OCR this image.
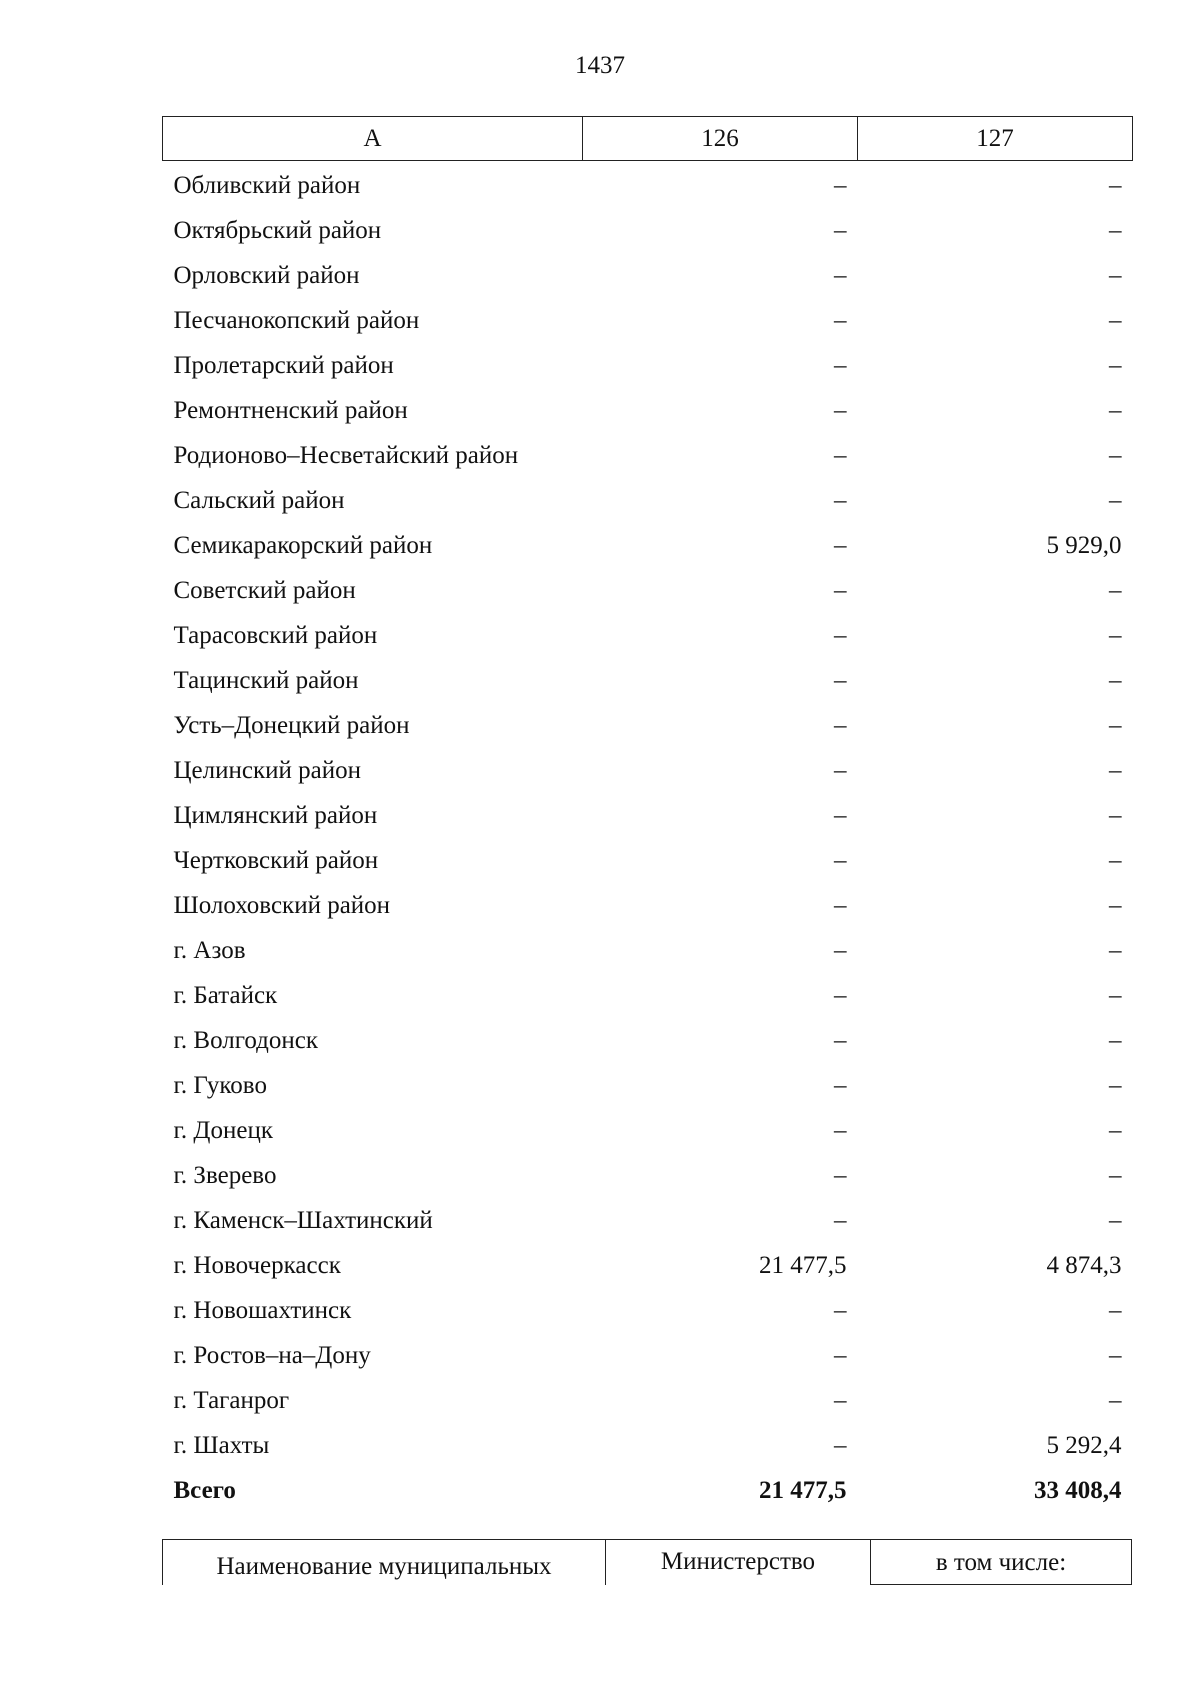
1437
А	126	127
Обливский район	–	–
Октябрьский район	–	–
Орловский район	–	–
Песчанокопский район	–	–
Пролетарский район	–	–
Ремонтненский район	–	–
Родионово–Несветайский район	–	–
Сальский район	–	–
Семикаракорский район	–	5 929,0
Советский район	–	–
Тарасовский район	–	–
Тацинский район	–	–
Усть–Донецкий район	–	–
Целинский район	–	–
Цимлянский район	–	–
Чертковский район	–	–
Шолоховский район	–	–
г. Азов	–	–
г. Батайск	–	–
г. Волгодонск	–	–
г. Гуково	–	–
г. Донецк	–	–
г. Зверево	–	–
г. Каменск–Шахтинский	–	–
г. Новочеркасск	21 477,5	4 874,3
г. Новошахтинск	–	–
г. Ростов–на–Дону	–	–
г. Таганрог	–	–
г. Шахты	–	5 292,4
Всего	21 477,5	33 408,4
Наименование муниципальных	Министерство	в том числе:
